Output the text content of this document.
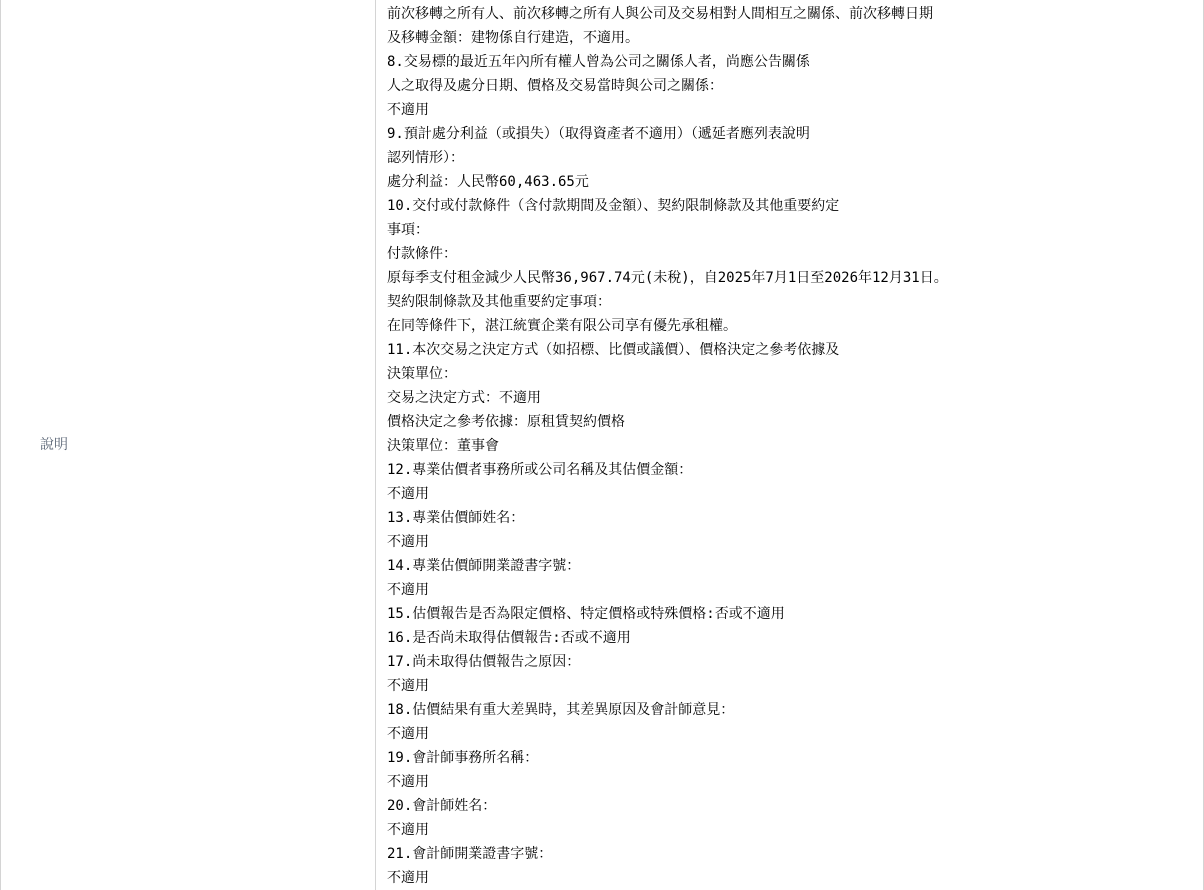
說明
前次移轉之所有人、前次移轉之所有人與公司及交易相對人間相互之關係、前次移轉日期
及移轉金額：建物係自行建造，不適用。
8.交易標的最近五年內所有權人曾為公司之關係人者，尚應公告關係
人之取得及處分日期、價格及交易當時與公司之關係：
不適用
9.預計處分利益（或損失）（取得資產者不適用）（遞延者應列表說明
認列情形）：
處分利益：人民幣60,463.65元
10.交付或付款條件（含付款期間及金額）、契約限制條款及其他重要約定
事項：
付款條件：
原每季支付租金減少人民幣36,967.74元(未稅)，自2025年7月1日至2026年12月31日。
契約限制條款及其他重要約定事項：
在同等條件下，湛江統實企業有限公司享有優先承租權。
11.本次交易之決定方式（如招標、比價或議價）、價格決定之參考依據及
決策單位：
交易之決定方式：不適用
價格決定之參考依據：原租賃契約價格
決策單位：董事會
12.專業估價者事務所或公司名稱及其估價金額：
不適用
13.專業估價師姓名：
不適用
14.專業估價師開業證書字號：
不適用
15.估價報告是否為限定價格、特定價格或特殊價格:否或不適用
16.是否尚未取得估價報告:否或不適用
17.尚未取得估價報告之原因：
不適用
18.估價結果有重大差異時，其差異原因及會計師意見：
不適用
19.會計師事務所名稱：
不適用
20.會計師姓名：
不適用
21.會計師開業證書字號：
不適用
